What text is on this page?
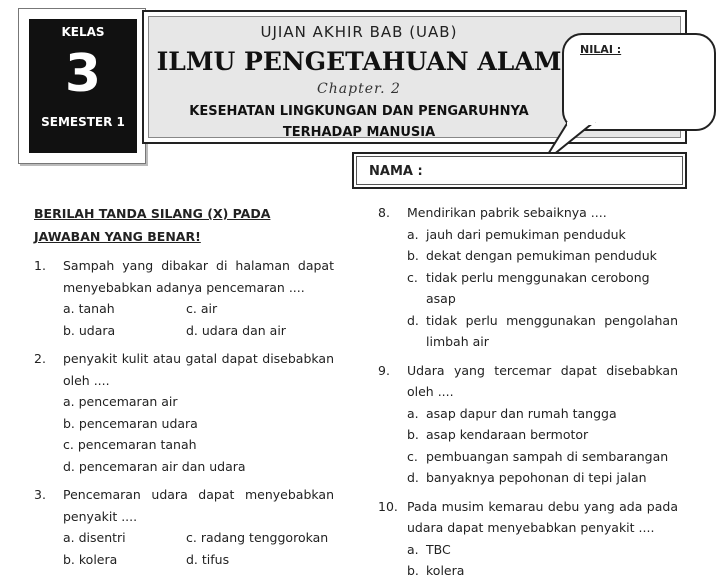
KELAS
3
SEMESTER 1
UJIAN AKHIR BAB (UAB)
ILMU PENGETAHUAN ALAM
Chapter. 2
KESEHATAN LINGKUNGAN DAN PENGARUHNYA
TERHADAP MANUSIA
NILAI :
NAMA :
BERILAH TANDA SILANG (X) PADA JAWABAN YANG BENAR!
1. Sampah yang dibakar di halaman dapat menyebabkan adanya pencemaran ....
a. tanah	c. air
b. udara	d. udara dan air
2. penyakit kulit atau gatal dapat disebabkan oleh ....
a. pencemaran air
b. pencemaran udara
c. pencemaran tanah
d. pencemaran air dan udara
3. Pencemaran udara dapat menyebabkan penyakit ....
a. disentri	c. radang tenggorokan
b. kolera	d. tifus
8. Mendirikan pabrik sebaiknya ....
a. jauh dari pemukiman penduduk
b. dekat dengan pemukiman penduduk
c. tidak perlu menggunakan cerobong asap
d. tidak perlu menggunakan pengolahan limbah air
9. Udara yang tercemar dapat disebabkan oleh ....
a. asap dapur dan rumah tangga
b. asap kendaraan bermotor
c. pembuangan sampah di sembarangan
d. banyaknya pepohonan di tepi jalan
10. Pada musim kemarau debu yang ada pada udara dapat menyebabkan penyakit ....
a. TBC
b. kolera
